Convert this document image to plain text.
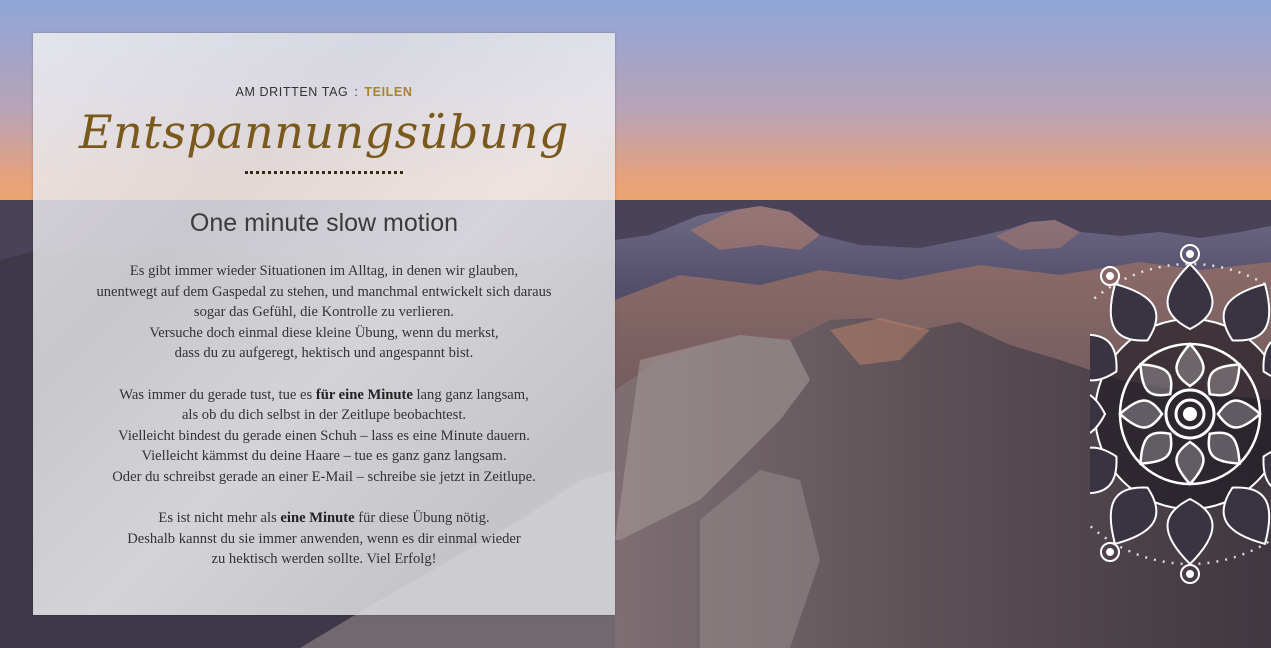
AM DRITTEN TAG : TEILEN
Entspannungsübung
One minute slow motion

Es gibt immer wieder Situationen im Alltag, in denen wir glauben,
unentwegt auf dem Gaspedal zu stehen, und manchmal entwickelt sich daraus
sogar das Gefühl, die Kontrolle zu verlieren.
Versuche doch einmal diese kleine Übung, wenn du merkst,
dass du zu aufgeregt, hektisch und angespannt bist.

Was immer du gerade tust, tue es für eine Minute lang ganz langsam,
als ob du dich selbst in der Zeitlupe beobachtest.
Vielleicht bindest du gerade einen Schuh – lass es eine Minute dauern.
Vielleicht kämmst du deine Haare – tue es ganz ganz langsam.
Oder du schreibst gerade an einer E-Mail – schreibe sie jetzt in Zeitlupe.

Es ist nicht mehr als eine Minute für diese Übung nötig.
Deshalb kannst du sie immer anwenden, wenn es dir einmal wieder
zu hektisch werden sollte. Viel Erfolg!
